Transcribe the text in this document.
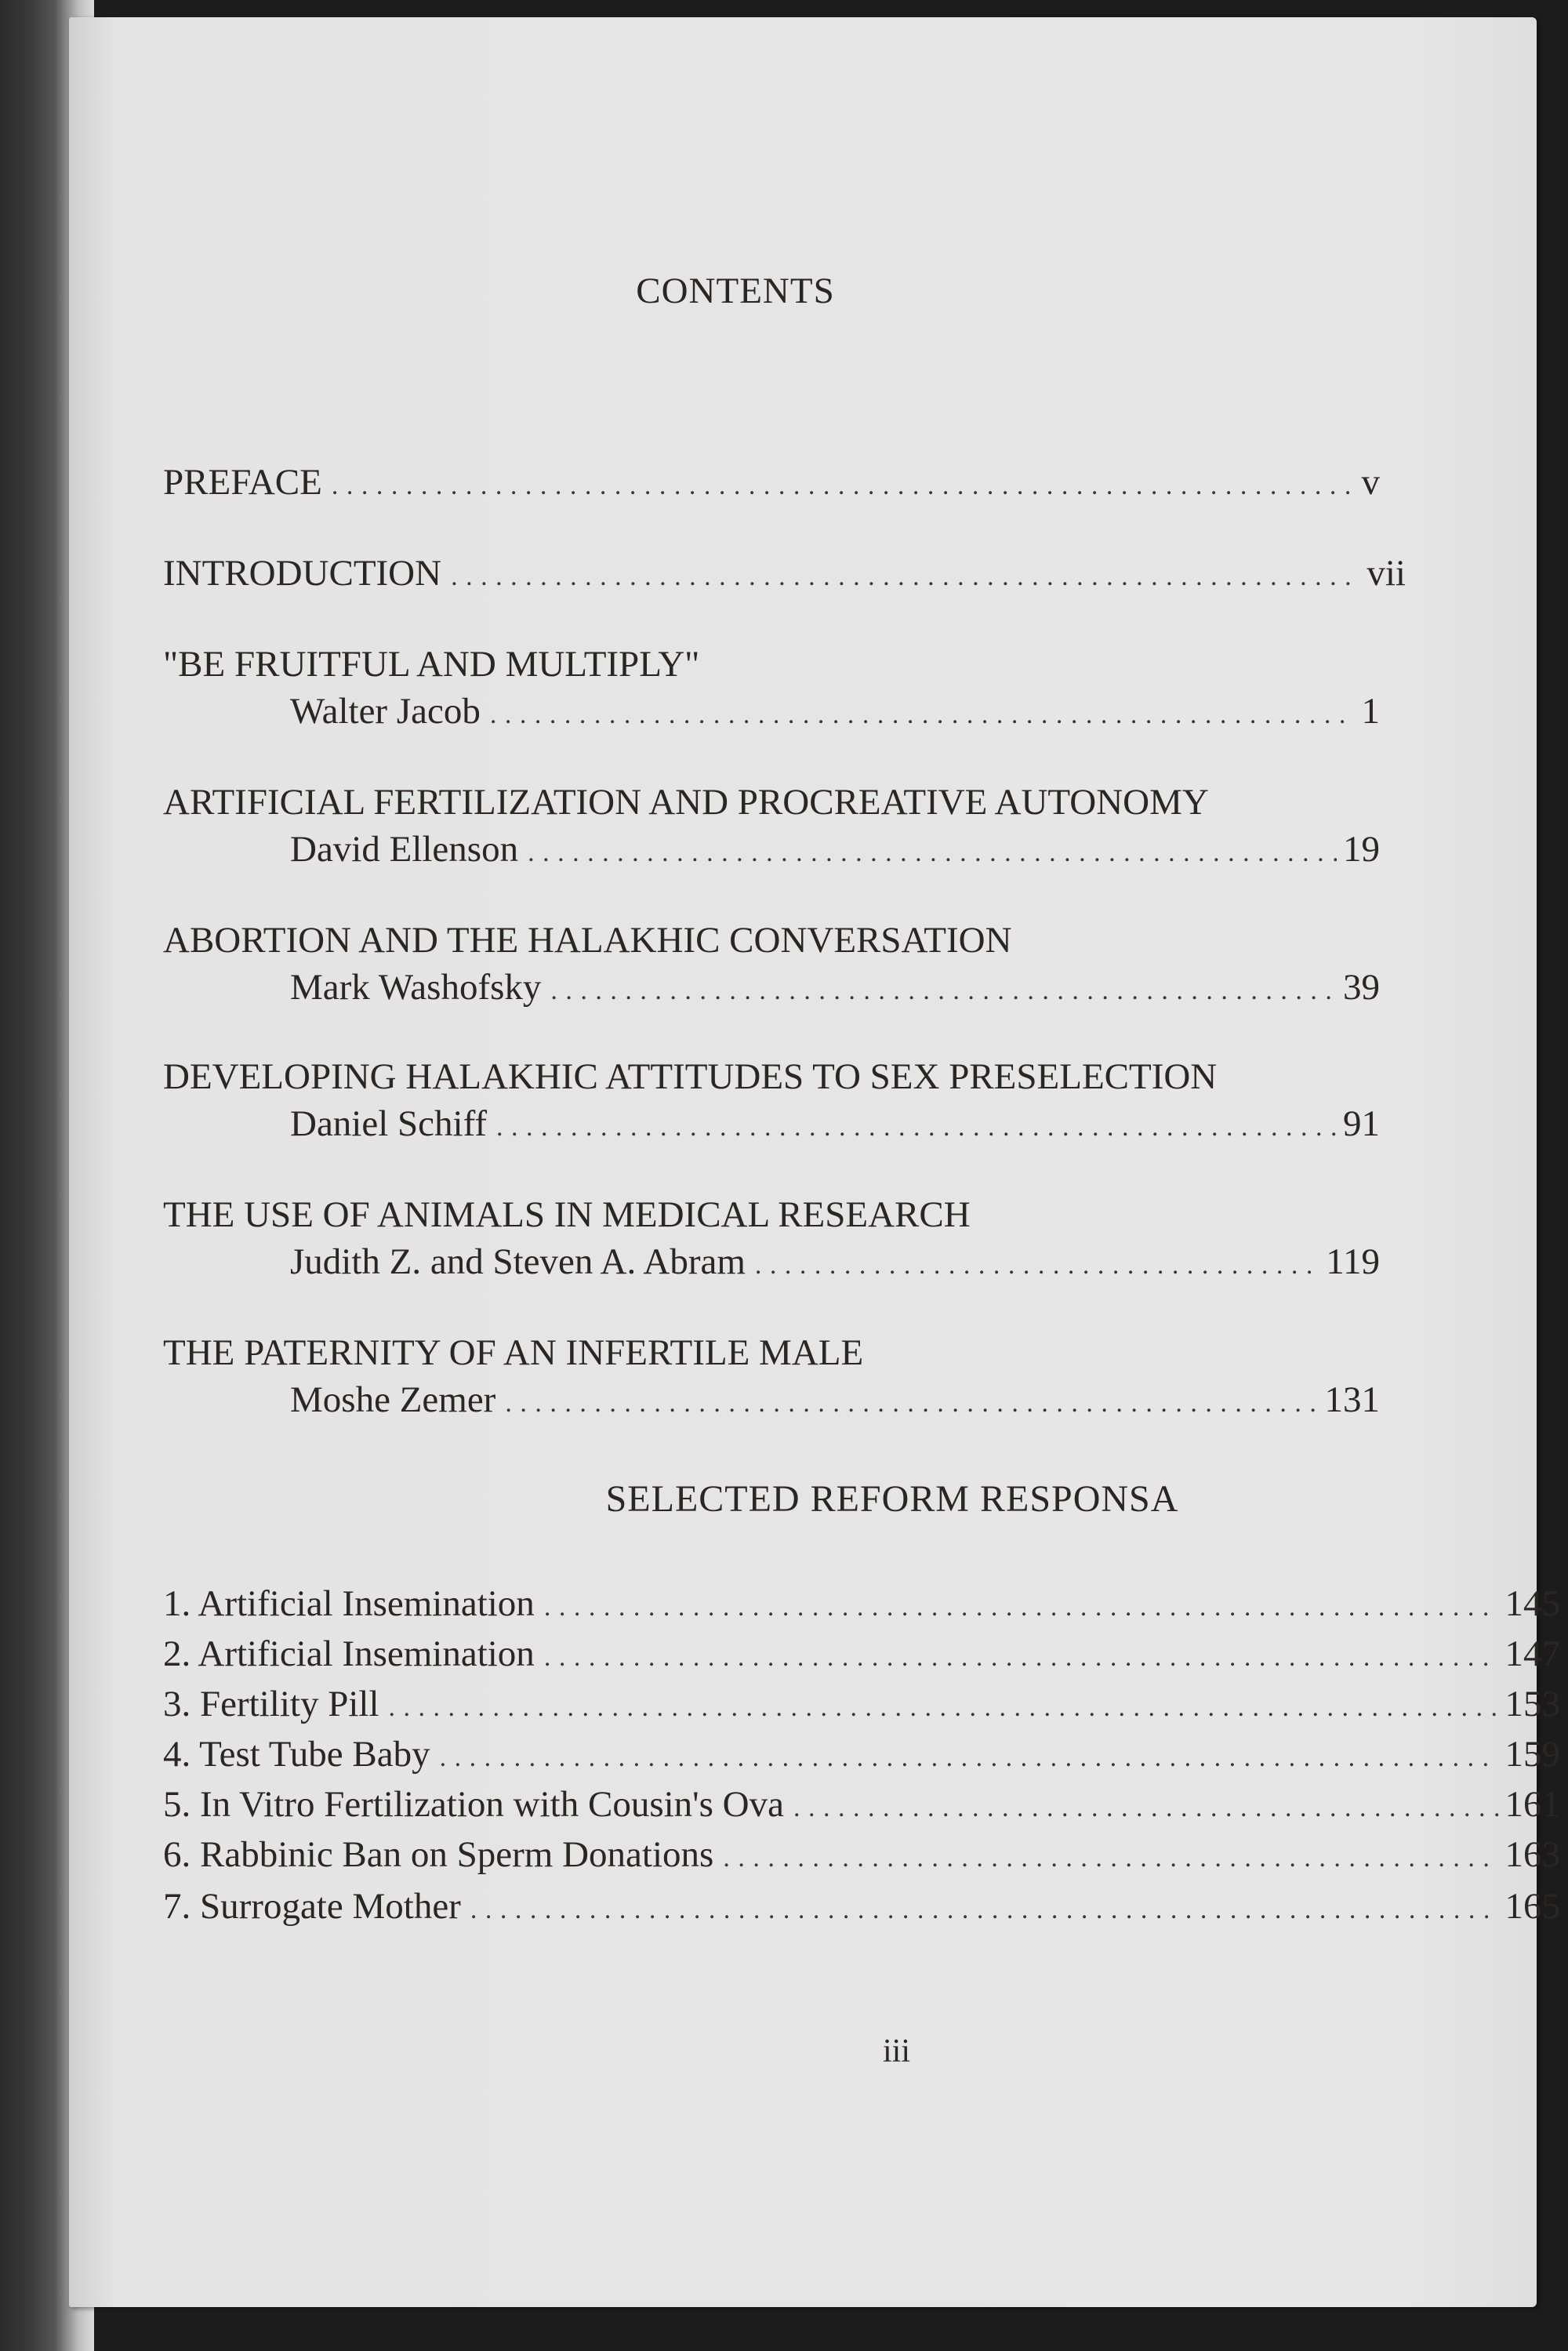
CONTENTS
PREFACE . . .	v
INTRODUCTION . . .	vii
"BE FRUITFUL AND MULTIPLY"
Walter Jacob . . .	1
ARTIFICIAL FERTILIZATION AND PROCREATIVE AUTONOMY
David Ellenson . . .	19
ABORTION AND THE HALAKHIC CONVERSATION
Mark Washofsky . . .	39
DEVELOPING HALAKHIC ATTITUDES TO SEX PRESELECTION
Daniel Schiff . . .	91
THE USE OF ANIMALS IN MEDICAL RESEARCH
Judith Z. and Steven A. Abram . . .	119
THE PATERNITY OF AN INFERTILE MALE
Moshe Zemer . . .	131
SELECTED REFORM RESPONSA
1. Artificial Insemination . . .	145
2. Artificial Insemination . . .	147
3. Fertility Pill . . .	153
4. Test Tube Baby . . .	159
5. In Vitro Fertilization with Cousin's Ova . . .	161
6. Rabbinic Ban on Sperm Donations . . .	163
7. Surrogate Mother . . .	165
iii
